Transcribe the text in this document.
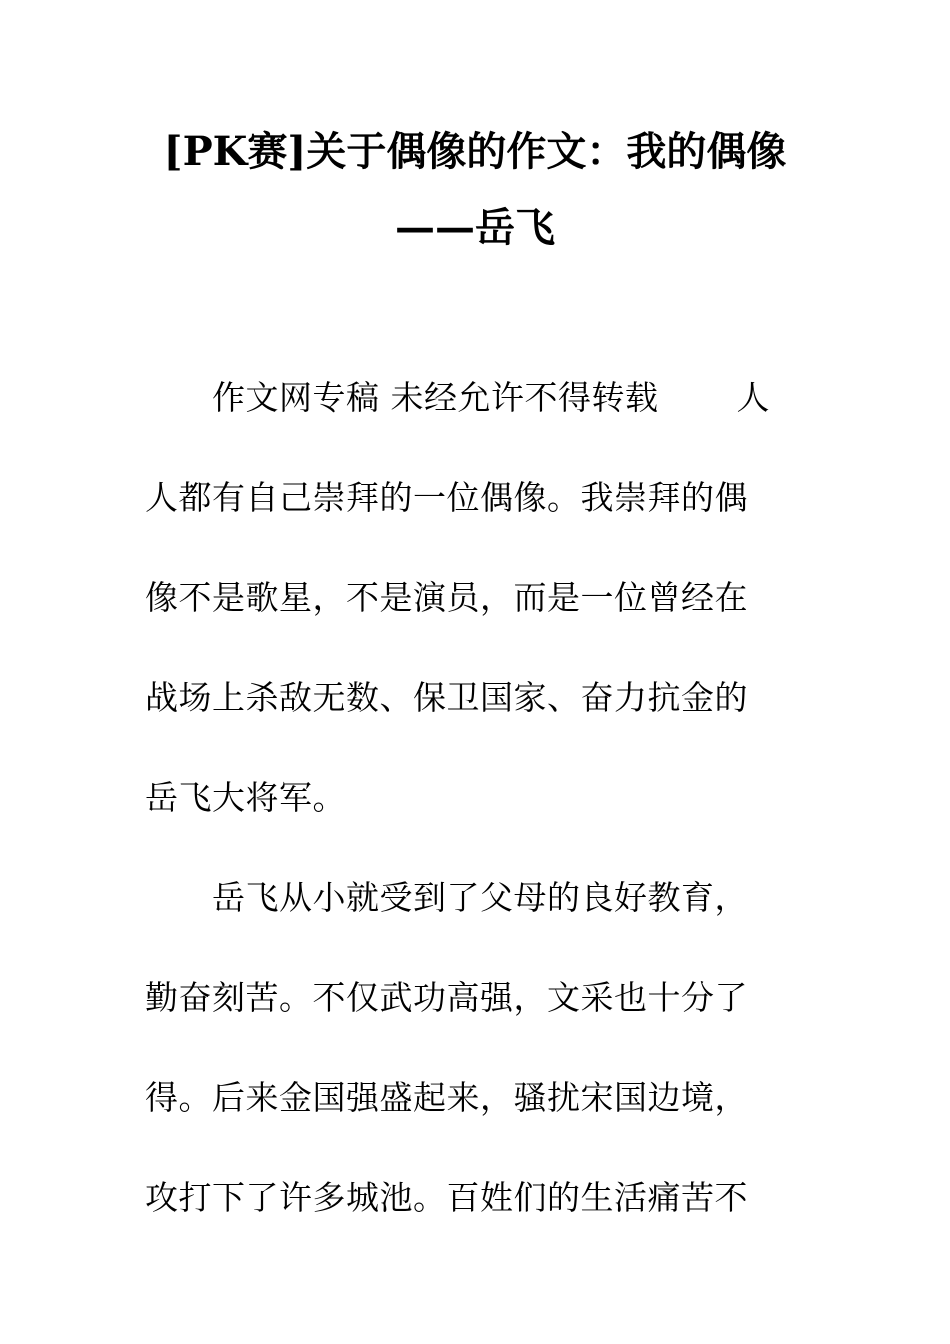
[PK赛]关于偶像的作文：我的偶像
——岳飞
　　作文网专稿 未经允许不得转载　　 人
人都有自己崇拜的一位偶像。我崇拜的偶
像不是歌星，不是演员，而是一位曾经在
战场上杀敌无数、保卫国家、奋力抗金的
岳飞大将军。
　　岳飞从小就受到了父母的良好教育，
勤奋刻苦。不仅武功高强，文采也十分了
得。后来金国强盛起来，骚扰宋国边境，
攻打下了许多城池。百姓们的生活痛苦不
